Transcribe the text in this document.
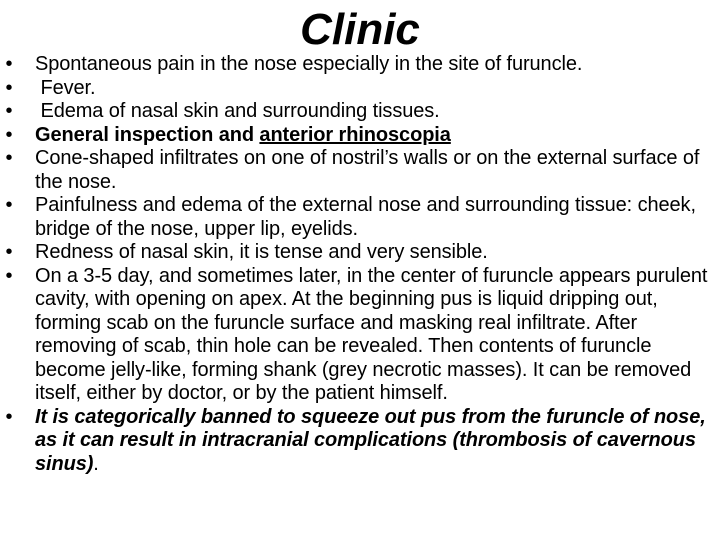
Clinic
• Spontaneous pain in the nose especially in the site of furuncle.
• Fever.
• Edema of nasal skin and surrounding tissues.
• General inspection and anterior rhinoscopia
• Cone-shaped infiltrates on one of nostril’s walls or on the external surface of the nose.
• Painfulness and edema of the external nose and surrounding tissue: cheek, bridge of the nose, upper lip, eyelids.
• Redness of nasal skin, it is tense and very sensible.
• On a 3-5 day, and sometimes later, in the center of furuncle appears purulent cavity, with opening on apex. At the beginning pus is liquid dripping out, forming scab on the furuncle surface and masking real infiltrate. After removing of scab, thin hole can be revealed. Then contents of furuncle become jelly-like, forming shank (grey necrotic masses). It can be removed itself, either by doctor, or by the patient himself.
• It is categorically banned to squeeze out pus from the furuncle of nose, as it can result in intracranial complications (thrombosis of cavernous sinus).
